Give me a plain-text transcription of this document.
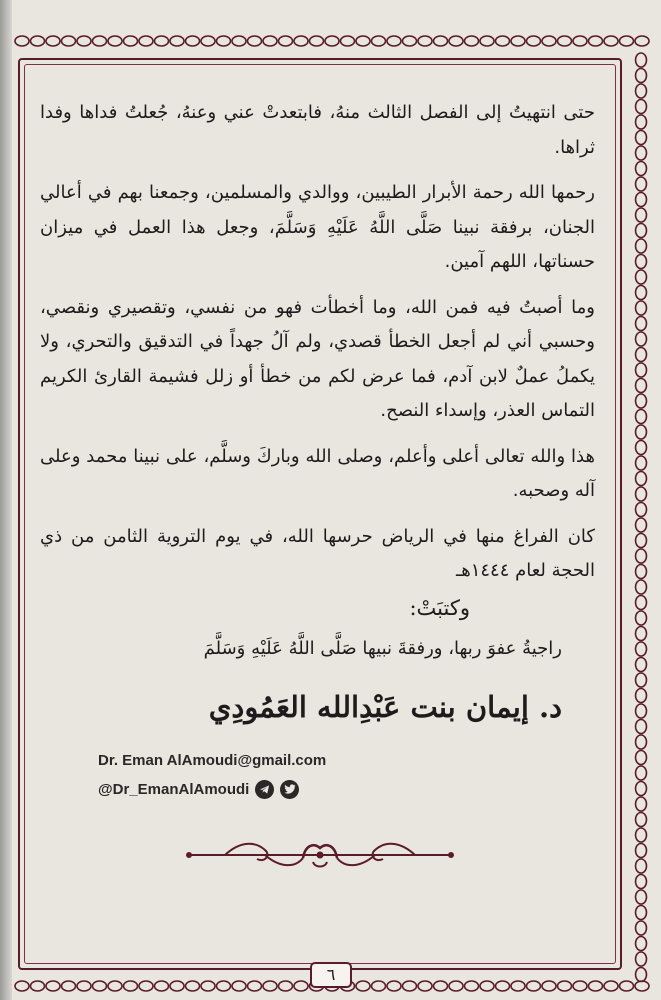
حتى انتهيتُ إلى الفصل الثالث منهُ، فابتعدتْ عني وعنهُ، جُعلتُ فداها وفدا ثراها.

رحمها الله رحمة الأبرار الطيبين، ووالدي والمسلمين، وجمعنا بهم في أعالي الجنان، برفقة نبينا صَلَّى اللَّهُ عَلَيْهِ وَسَلَّمَ، وجعل هذا العمل في ميزان حسناتها، اللهم آمين.

وما أصبتُ فيه فمن الله، وما أخطأت فهو من نفسي، وتقصيري ونقصي، وحسبي أني لم أجعل الخطأ قصدي، ولم آلُ جهداً في التدقيق والتحري، ولا يكملُ عملٌ لابن آدم، فما عرض لكم من خطأ أو زلل فشيمة القارئ الكريم التماس العذر، وإسداء النصح.

هذا والله تعالى أعلى وأعلم، وصلى الله وباركَ وسلَّم، على نبينا محمد وعلى آله وصحبه.

كان الفراغ منها في الرياض حرسها الله، في يوم التروية الثامن من ذي الحجة لعام ١٤٤٤هـ

وكتبَتْ:
راجيةُ عفوَ ربها، ورفقةَ نبيها صَلَّى اللَّهُ عَلَيْهِ وَسَلَّمَ
د. إيمان بنت عَبْدِالله العَمُودِي
Dr. Eman AlAmoudi@gmail.com
@Dr_EmanAlAmoudi
٦
